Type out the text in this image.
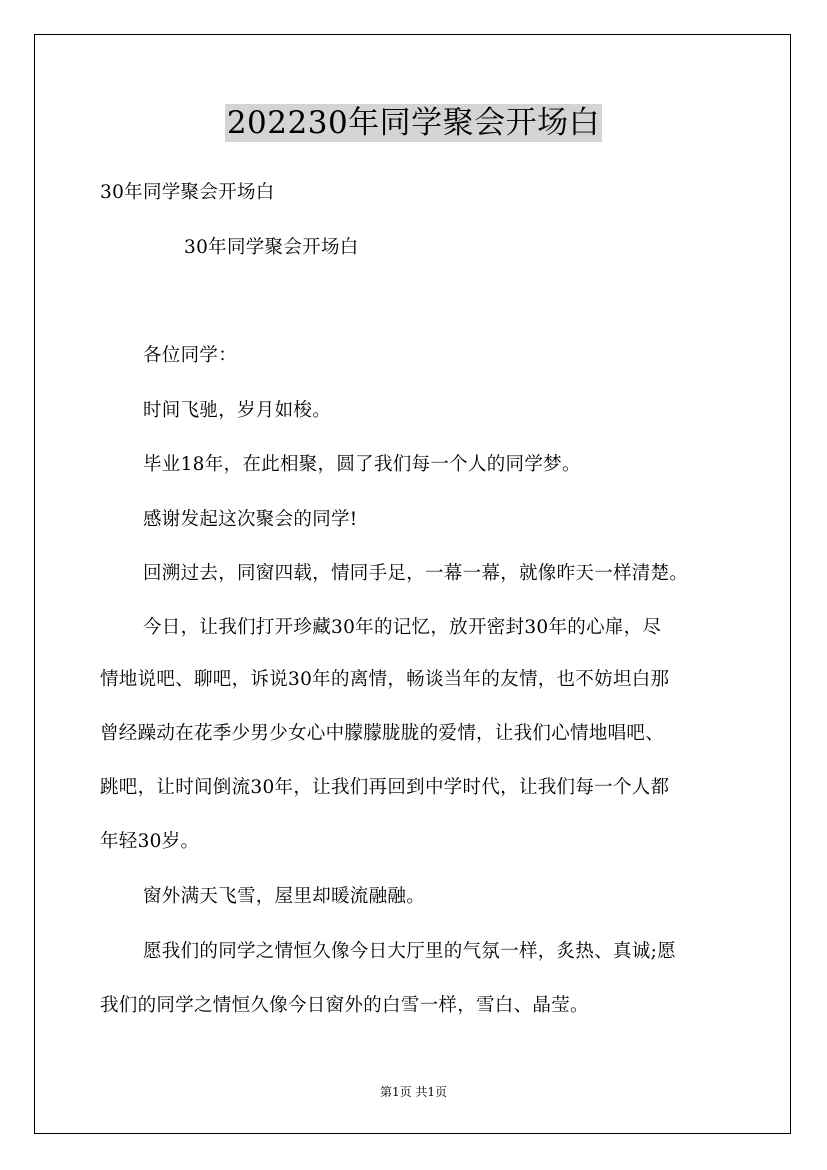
202230年同学聚会开场白
30年同学聚会开场白
30年同学聚会开场白
各位同学：
时间飞驰，岁月如梭。
毕业18年，在此相聚，圆了我们每一个人的同学梦。
感谢发起这次聚会的同学!
回溯过去，同窗四载，情同手足，一幕一幕，就像昨天一样清楚。
今日，让我们打开珍藏30年的记忆，放开密封30年的心扉，尽
情地说吧、聊吧，诉说30年的离情，畅谈当年的友情，也不妨坦白那
曾经躁动在花季少男少女心中朦朦胧胧的爱情，让我们心情地唱吧、
跳吧，让时间倒流30年，让我们再回到中学时代，让我们每一个人都
年轻30岁。
窗外满天飞雪，屋里却暖流融融。
愿我们的同学之情恒久像今日大厅里的气氛一样，炙热、真诚;愿
我们的同学之情恒久像今日窗外的白雪一样，雪白、晶莹。
第1页 共1页
